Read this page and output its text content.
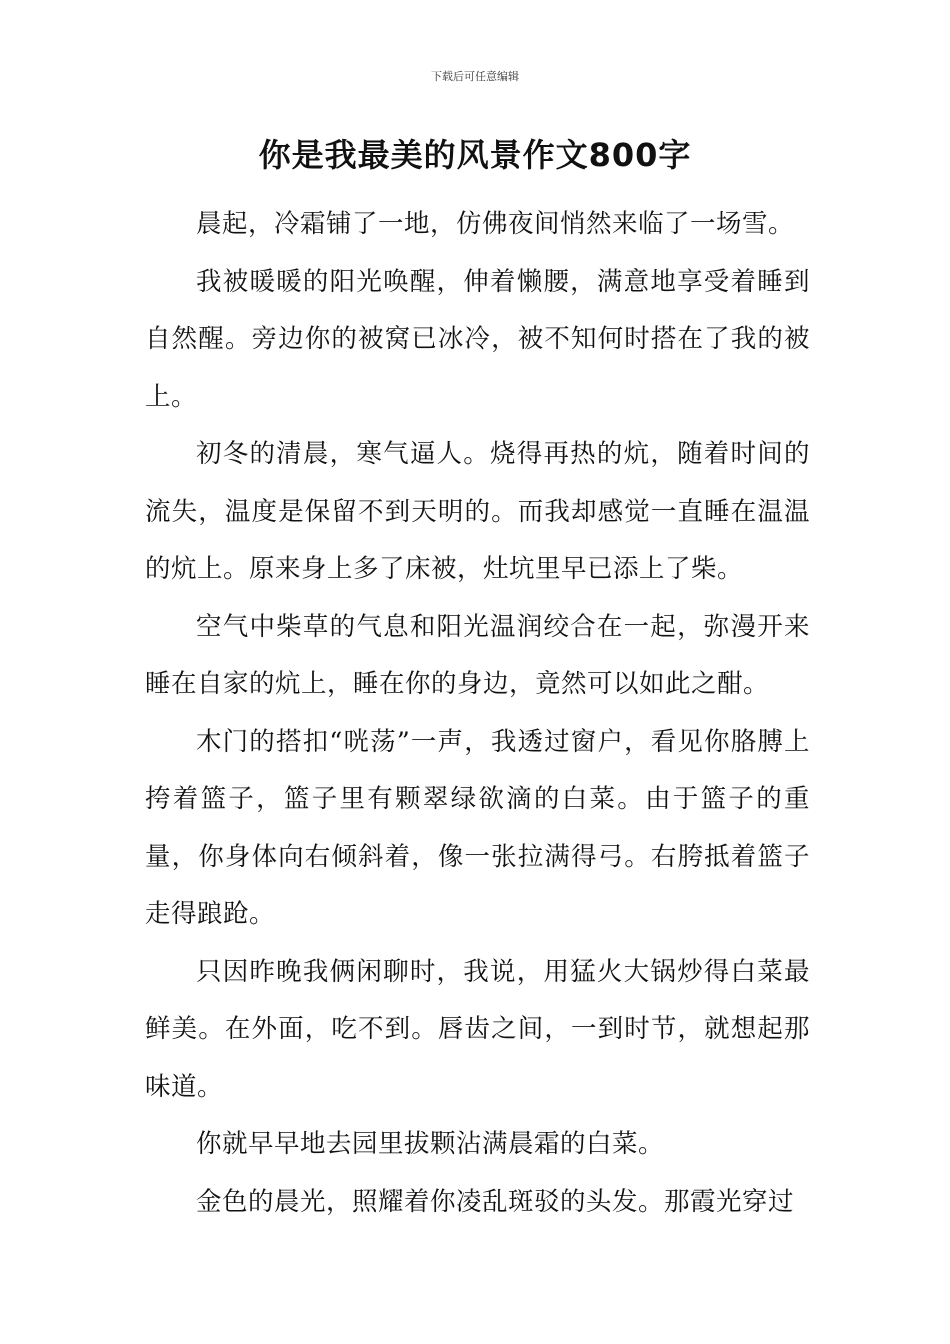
下载后可任意编辑
你是我最美的风景作文800字

晨起，冷霜铺了一地，仿佛夜间悄然来临了一场雪。

我被暖暖的阳光唤醒，伸着懒腰，满意地享受着睡到自然醒。旁边你的被窝已冰冷，被不知何时搭在了我的被上。

初冬的清晨，寒气逼人。烧得再热的炕，随着时间的流失，温度是保留不到天明的。而我却感觉一直睡在温温的炕上。原来身上多了床被，灶坑里早已添上了柴。

空气中柴草的气息和阳光温润绞合在一起，弥漫开来睡在自家的炕上，睡在你的身边，竟然可以如此之酣。

木门的搭扣“咣荡”一声，我透过窗户，看见你胳膊上挎着篮子，篮子里有颗翠绿欲滴的白菜。由于篮子的重量，你身体向右倾斜着，像一张拉满得弓。右胯抵着篮子走得踉跄。

只因昨晚我俩闲聊时，我说，用猛火大锅炒得白菜最鲜美。在外面，吃不到。唇齿之间，一到时节，就想起那味道。

你就早早地去园里拔颗沾满晨霜的白菜。

金色的晨光，照耀着你凌乱斑驳的头发。那霞光穿过
